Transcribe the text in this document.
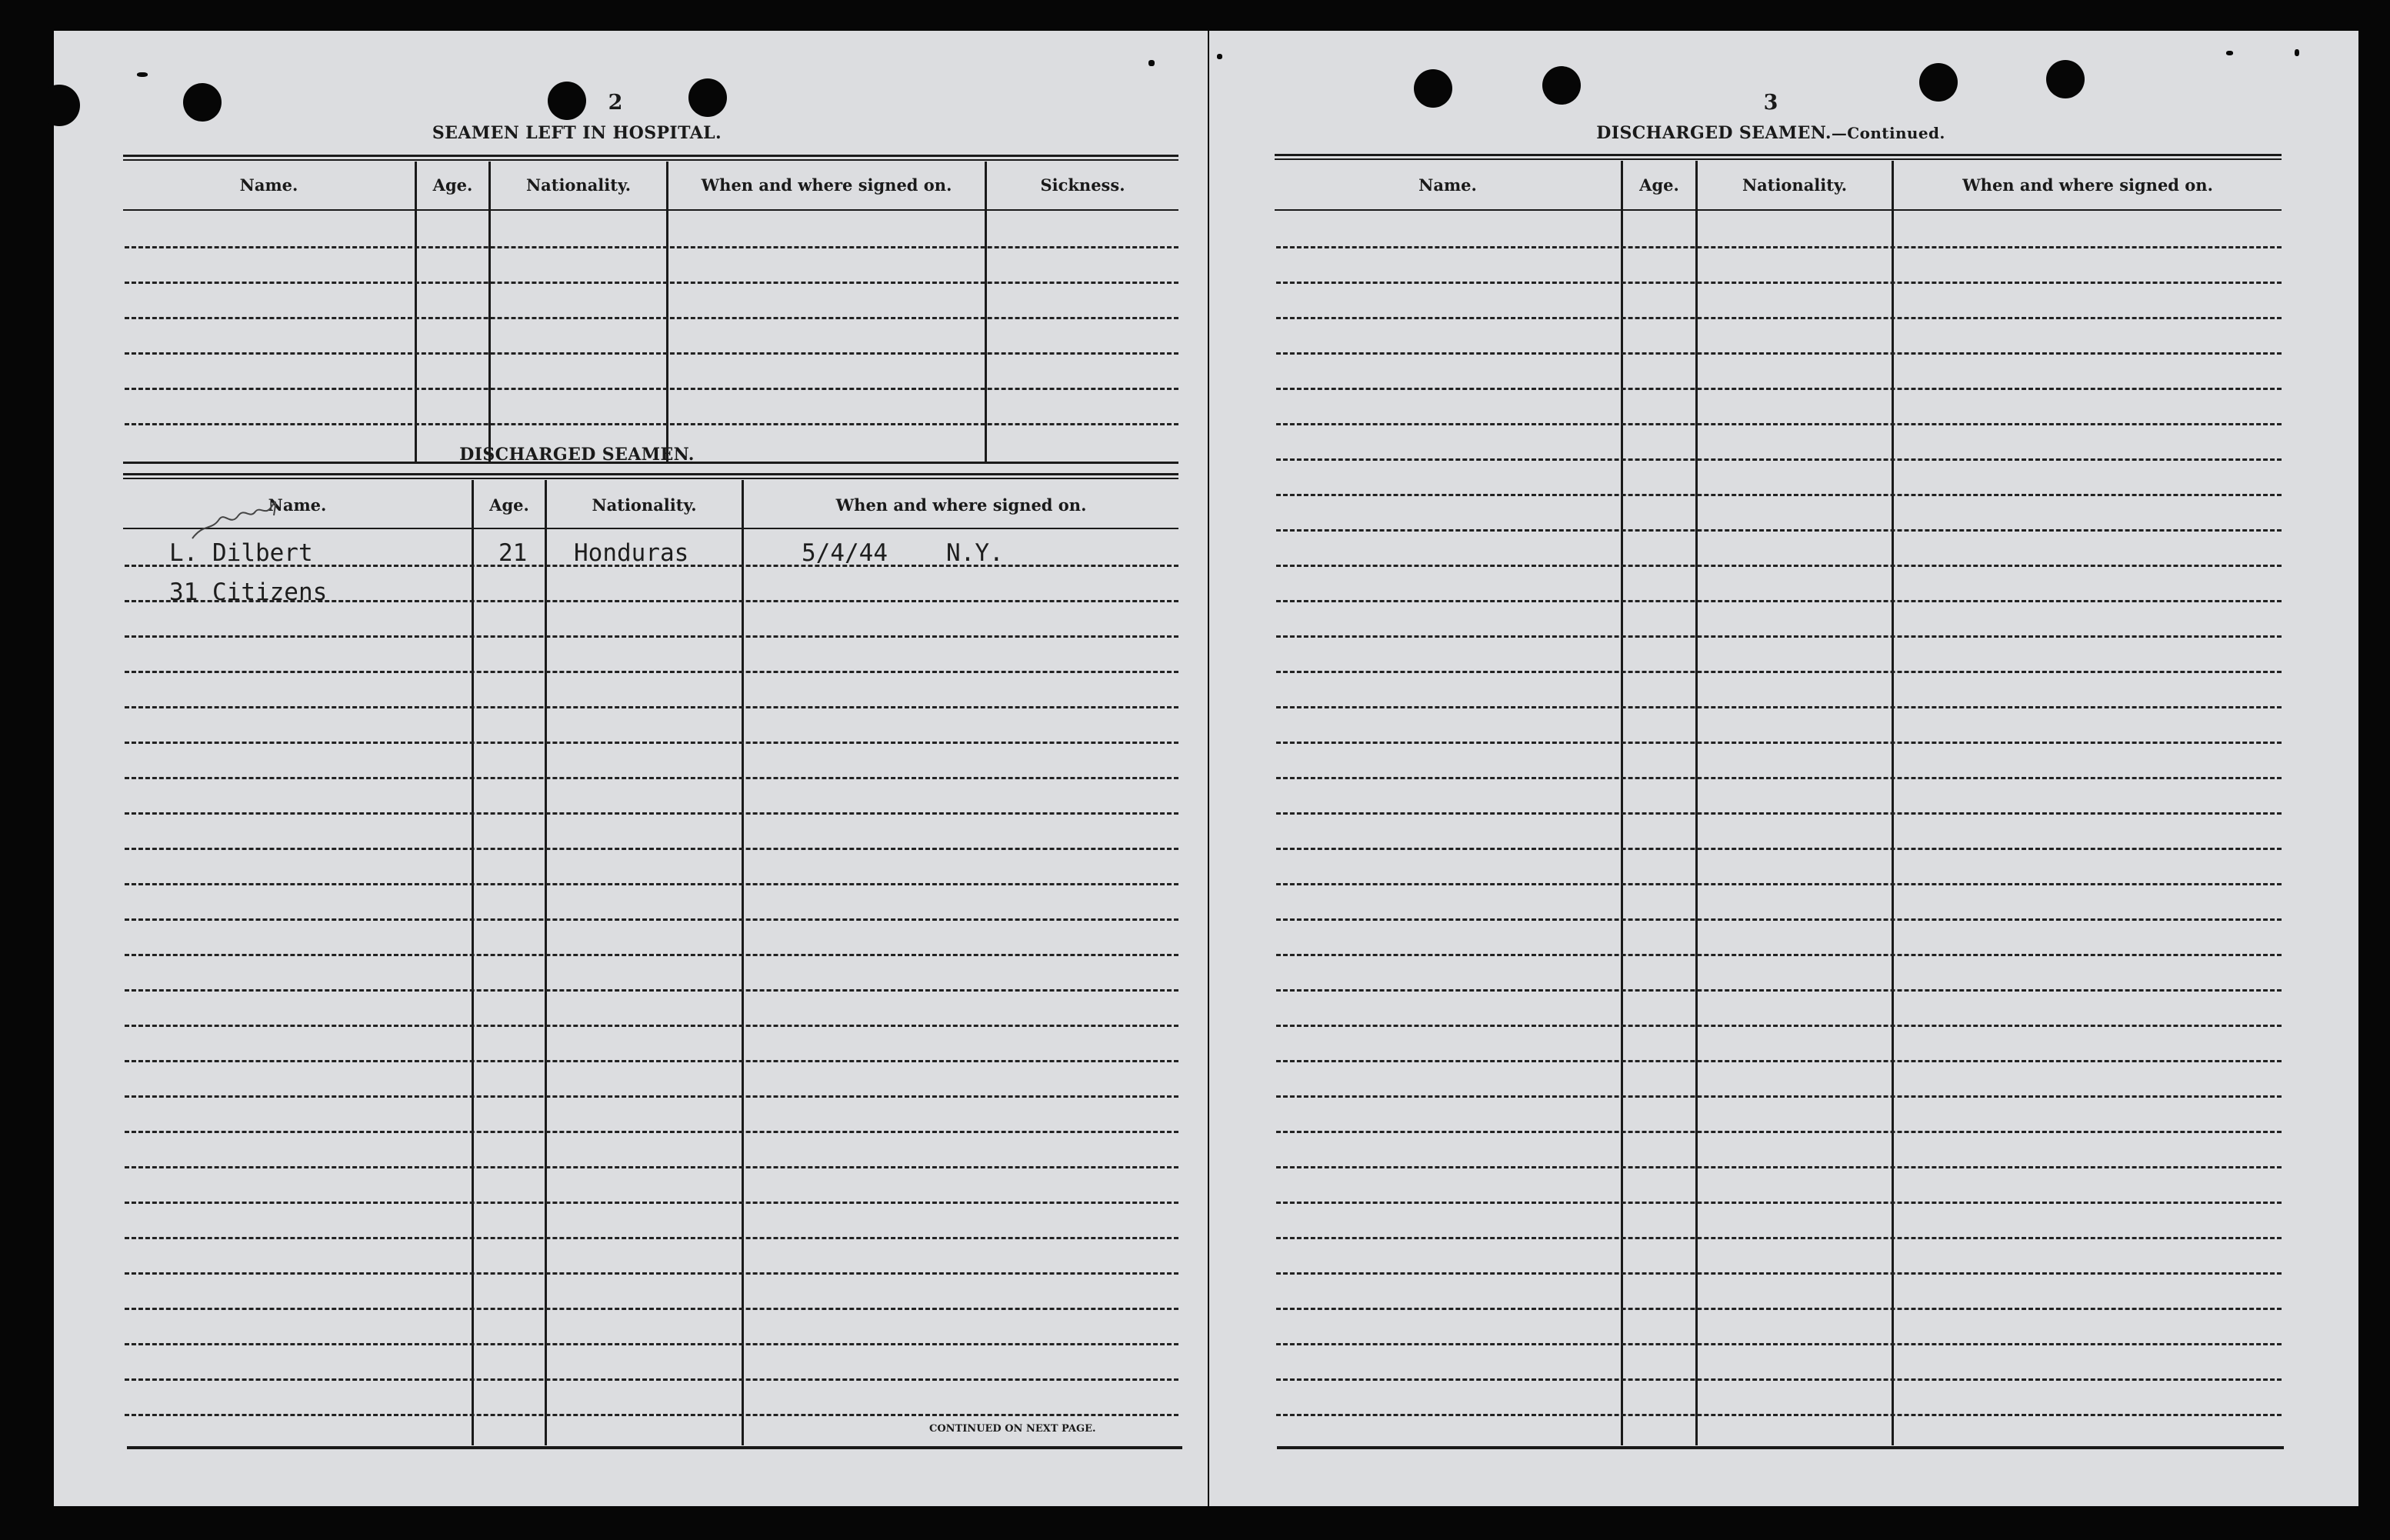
2
SEAMEN LEFT IN HOSPITAL.
Name.	Age.	Nationality.	When and where signed on.	Sickness.
DISCHARGED SEAMEN.
Name.	Age.	Nationality.	When and where signed on.
L. Dilbert	21 Honduras	5/4/44 N.Y.
31 Citizens
CONTINUED ON NEXT PAGE.
3
DISCHARGED SEAMEN.—Continued.
Name.	Age.	Nationality.	When and where signed on.
